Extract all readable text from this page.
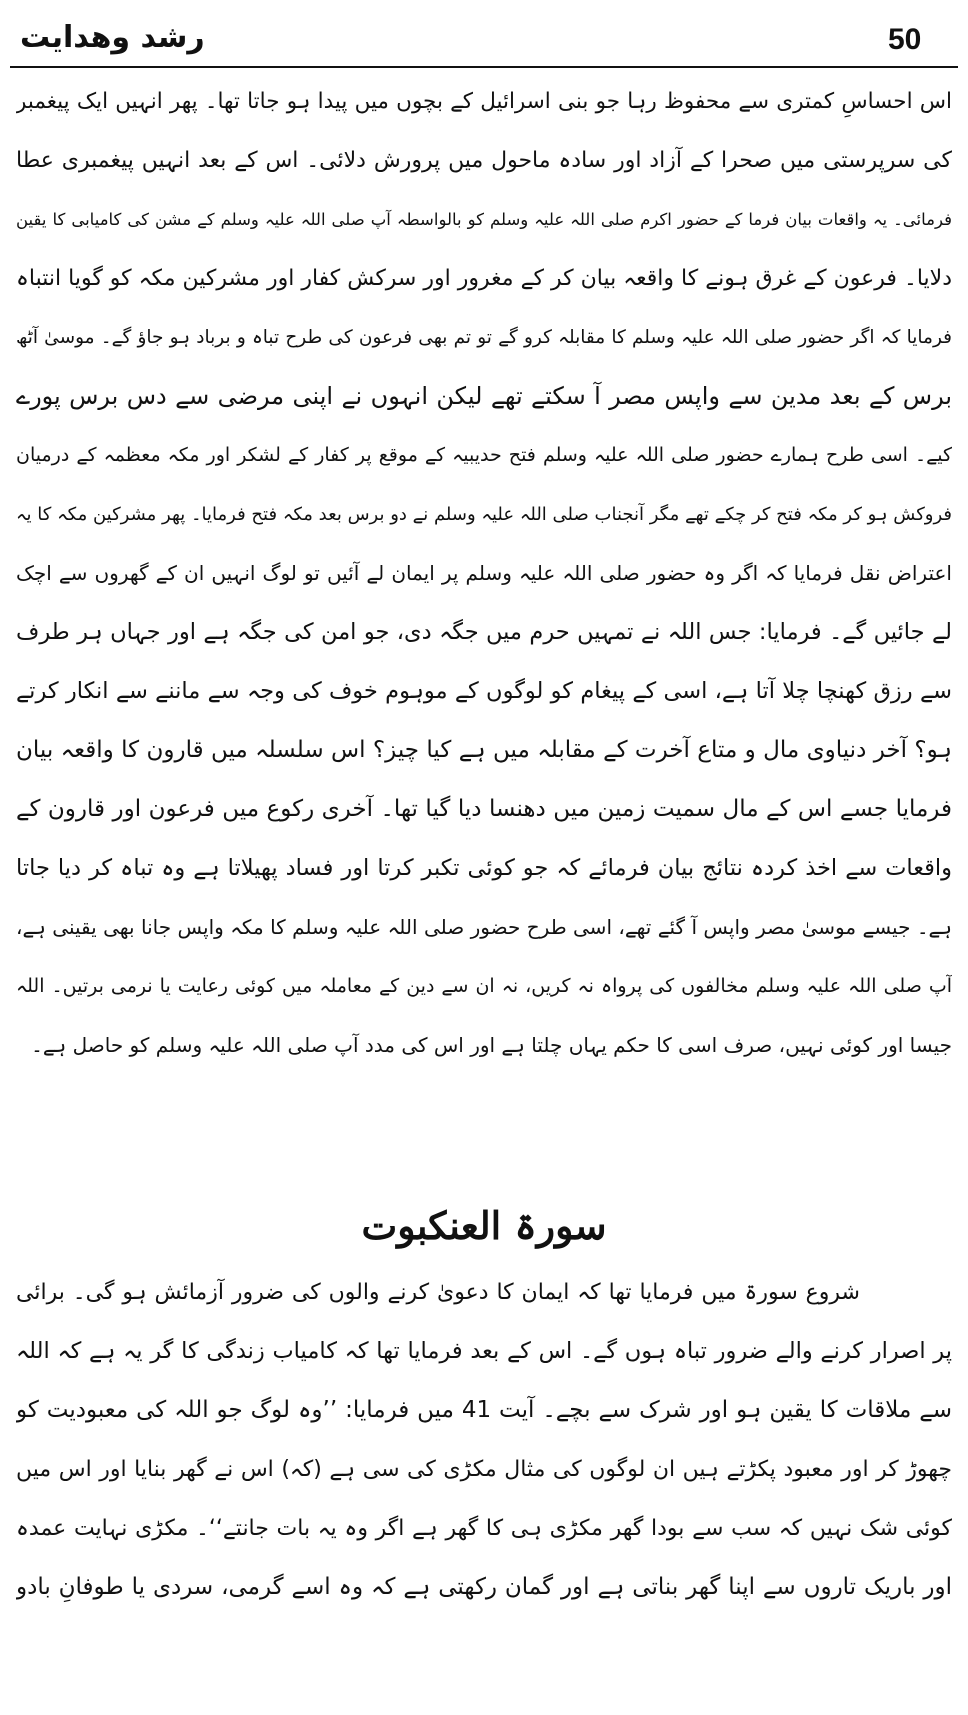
50
رشد وھدایت
اس احساسِ کمتری سے محفوظ رہا جو بنی اسرائیل کے بچوں میں پیدا ہو جاتا تھا۔ پھر انہیں ایک پیغمبر
کی سرپرستی میں صحرا کے آزاد اور سادہ ماحول میں پرورش دلائی۔ اس کے بعد انہیں پیغمبری عطا
فرمائی۔ یہ واقعات بیان فرما کے حضور اکرم صلی اللہ علیہ وسلم کو بالواسطہ آپ صلی اللہ علیہ وسلم کے مشن کی کامیابی کا یقین
دلایا۔ فرعون کے غرق ہونے کا واقعہ بیان کر کے مغرور اور سرکش کفار اور مشرکین مکہ کو گویا انتباہ
فرمایا کہ اگر حضور صلی اللہ علیہ وسلم کا مقابلہ کرو گے تو تم بھی فرعون کی طرح تباہ و برباد ہو جاؤ گے۔ موسیٰ آٹھ
برس کے بعد مدین سے واپس مصر آ سکتے تھے لیکن انہوں نے اپنی مرضی سے دس برس پورے
کیے۔ اسی طرح ہمارے حضور صلی اللہ علیہ وسلم فتح حدیبیہ کے موقع پر کفار کے لشکر اور مکہ معظمہ کے درمیان
فروکش ہو کر مکہ فتح کر چکے تھے مگر آنجناب صلی اللہ علیہ وسلم نے دو برس بعد مکہ فتح فرمایا۔ پھر مشرکین مکہ کا یہ
اعتراض نقل فرمایا کہ اگر وہ حضور صلی اللہ علیہ وسلم پر ایمان لے آئیں تو لوگ انہیں ان کے گھروں سے اچک
لے جائیں گے۔ فرمایا: جس اللہ نے تمہیں حرم میں جگہ دی، جو امن کی جگہ ہے اور جہاں ہر طرف
سے رزق کھنچا چلا آتا ہے، اسی کے پیغام کو لوگوں کے موہوم خوف کی وجہ سے ماننے سے انکار کرتے
ہو؟ آخر دنیاوی مال و متاع آخرت کے مقابلہ میں ہے کیا چیز؟ اس سلسلہ میں قارون کا واقعہ بیان
فرمایا جسے اس کے مال سمیت زمین میں دھنسا دیا گیا تھا۔ آخری رکوع میں فرعون اور قارون کے
واقعات سے اخذ کردہ نتائج بیان فرمائے کہ جو کوئی تکبر کرتا اور فساد پھیلاتا ہے وہ تباہ کر دیا جاتا
ہے۔ جیسے موسیٰ مصر واپس آ گئے تھے، اسی طرح حضور صلی اللہ علیہ وسلم کا مکہ واپس جانا بھی یقینی ہے،
آپ صلی اللہ علیہ وسلم مخالفوں کی پرواہ نہ کریں، نہ ان سے دین کے معاملہ میں کوئی رعایت یا نرمی برتیں۔ اللہ
جیسا اور کوئی نہیں، صرف اسی کا حکم یہاں چلتا ہے اور اس کی مدد آپ صلی اللہ علیہ وسلم کو حاصل ہے۔
سورۃ العنکبوت
شروع سورۃ میں فرمایا تھا کہ ایمان کا دعویٰ کرنے والوں کی ضرور آزمائش ہو گی۔ برائی
پر اصرار کرنے والے ضرور تباہ ہوں گے۔ اس کے بعد فرمایا تھا کہ کامیاب زندگی کا گر یہ ہے کہ اللہ
سے ملاقات کا یقین ہو اور شرک سے بچے۔ آیت 41 میں فرمایا: ’’وہ لوگ جو اللہ کی معبودیت کو
چھوڑ کر اور معبود پکڑتے ہیں ان لوگوں کی مثال مکڑی کی سی ہے (کہ) اس نے گھر بنایا اور اس میں
کوئی شک نہیں کہ سب سے بودا گھر مکڑی ہی کا گھر ہے اگر وہ یہ بات جانتے‘‘۔ مکڑی نہایت عمدہ
اور باریک تاروں سے اپنا گھر بناتی ہے اور گمان رکھتی ہے کہ وہ اسے گرمی، سردی یا طوفانِ بادو
